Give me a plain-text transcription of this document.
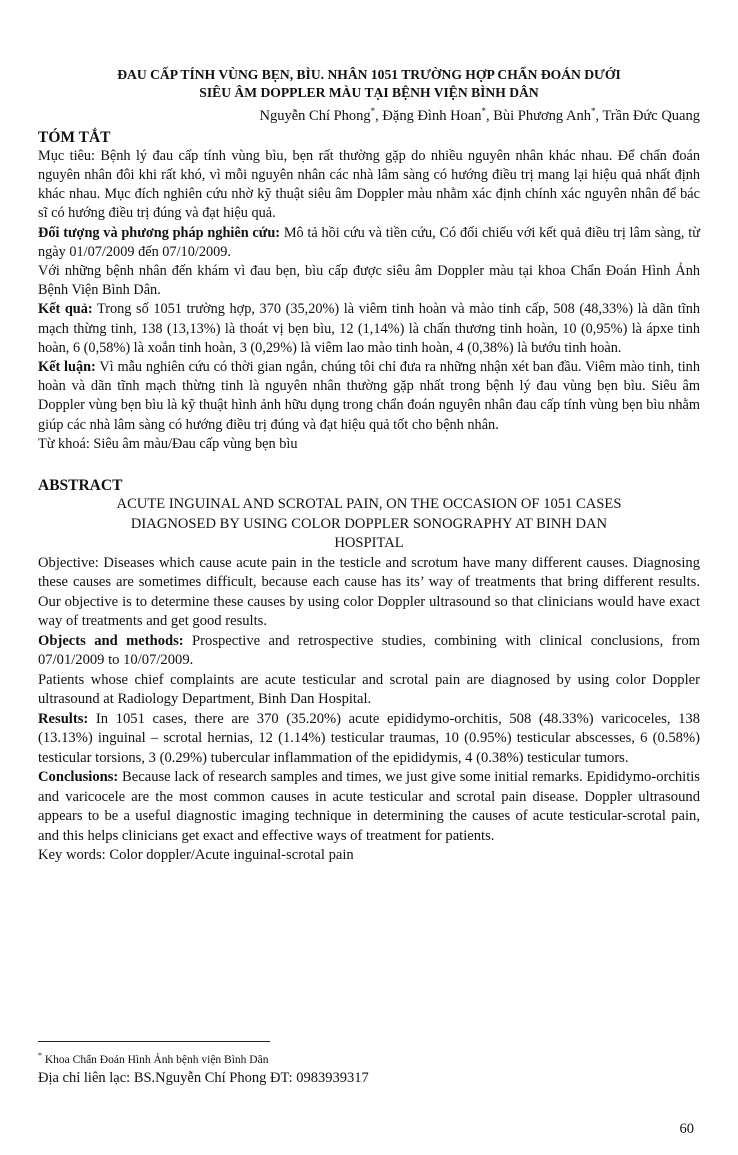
ĐAU CẤP TÍNH VÙNG BẸN, BÌU. NHÂN 1051 TRƯỜNG HỢP CHẨN ĐOÁN DƯỚI
SIÊU ÂM DOPPLER MÀU TẠI BỆNH VIỆN BÌNH DÂN
Nguyễn Chí Phong*, Đặng Đình Hoan*, Bùi Phương Anh*, Trần Đức Quang
TÓM TẮT

Mục tiêu: Bệnh lý đau cấp tính vùng bìu, bẹn rất thường gặp do nhiều nguyên nhân khác nhau. Để chẩn đoán nguyên nhân đôi khi rất khó, vì mỗi nguyên nhân các nhà lâm sàng có hướng điều trị mang lại hiệu quả nhất định khác nhau. Mục đích nghiên cứu nhờ kỹ thuật siêu âm Doppler màu nhằm xác định chính xác nguyên nhân để bác sĩ có hướng điều trị đúng và đạt hiệu quả.

Đối tượng và phương pháp nghiên cứu: Mô tả hồi cứu và tiền cứu, Có đối chiếu với kết quả điều trị lâm sàng, từ ngày 01/07/2009 đến 07/10/2009.

Với những bệnh nhân đến khám vì đau bẹn, bìu cấp được siêu âm Doppler màu tại khoa Chẩn Đoán Hình Ảnh Bệnh Viện Bình Dân.

Kết quả: Trong số 1051 trường hợp, 370 (35,20%) là viêm tinh hoàn và mào tinh cấp, 508 (48,33%) là dãn tĩnh mạch thừng tinh, 138 (13,13%) là thoát vị bẹn bìu, 12 (1,14%) là chấn thương tinh hoàn, 10 (0,95%) là ápxe tinh hoàn, 6 (0,58%) là xoắn tinh hoàn, 3 (0,29%) là viêm lao mào tinh hoàn, 4 (0,38%) là bướu tinh hoàn.

Kết luận: Vì mẫu nghiên cứu có thời gian ngắn, chúng tôi chỉ đưa ra những nhận xét ban đầu. Viêm mào tinh, tinh hoàn và dãn tĩnh mạch thừng tinh là nguyên nhân thường gặp nhất trong bệnh lý đau vùng bẹn bìu. Siêu âm Doppler vùng bẹn bìu là kỹ thuật hình ảnh hữu dụng trong chẩn đoán nguyên nhân đau cấp tính vùng bẹn bìu nhằm giúp các nhà lâm sàng có hướng điều trị đúng và đạt hiệu quả tốt cho bệnh nhân.

Từ khoá: Siêu âm màu/Đau cấp vùng bẹn bìu

ABSTRACT
ACUTE INGUINAL AND SCROTAL PAIN, ON THE OCCASION OF 1051 CASES
DIAGNOSED BY USING COLOR DOPPLER SONOGRAPHY AT BINH DAN
HOSPITAL

Objective: Diseases which cause acute pain in the testicle and scrotum have many different causes. Diagnosing these causes are sometimes difficult, because each cause has its’ way of treatments that bring different results. Our objective is to determine these causes by using color Doppler ultrasound so that clinicians would have exact way of treatments and get good results.

Objects and methods: Prospective and retrospective studies, combining with clinical conclusions, from 07/01/2009 to 10/07/2009.

Patients whose chief complaints are acute testicular and scrotal pain are diagnosed by using color Doppler ultrasound at Radiology Department, Binh Dan Hospital.

Results: In 1051 cases, there are 370 (35.20%) acute epididymo-orchitis, 508 (48.33%) varicoceles, 138 (13.13%) inguinal – scrotal hernias, 12 (1.14%) testicular traumas, 10 (0.95%) testicular abscesses, 6 (0.58%) testicular torsions, 3 (0.29%) tubercular inflammation of the epididymis, 4 (0.38%) testicular tumors.

Conclusions: Because lack of research samples and times, we just give some initial remarks. Epididymo-orchitis and varicocele are the most common causes in acute testicular and scrotal pain disease. Doppler ultrasound appears to be a useful diagnostic imaging technique in determining the causes of acute testicular-scrotal pain, and this helps clinicians get exact and effective ways of treatment for patients.

Key words: Color doppler/Acute inguinal-scrotal pain

* Khoa Chẩn Đoán Hình Ảnh bệnh viện Bình Dân
Địa chỉ liên lạc: BS.Nguyễn Chí Phong ĐT: 0983939317
60
